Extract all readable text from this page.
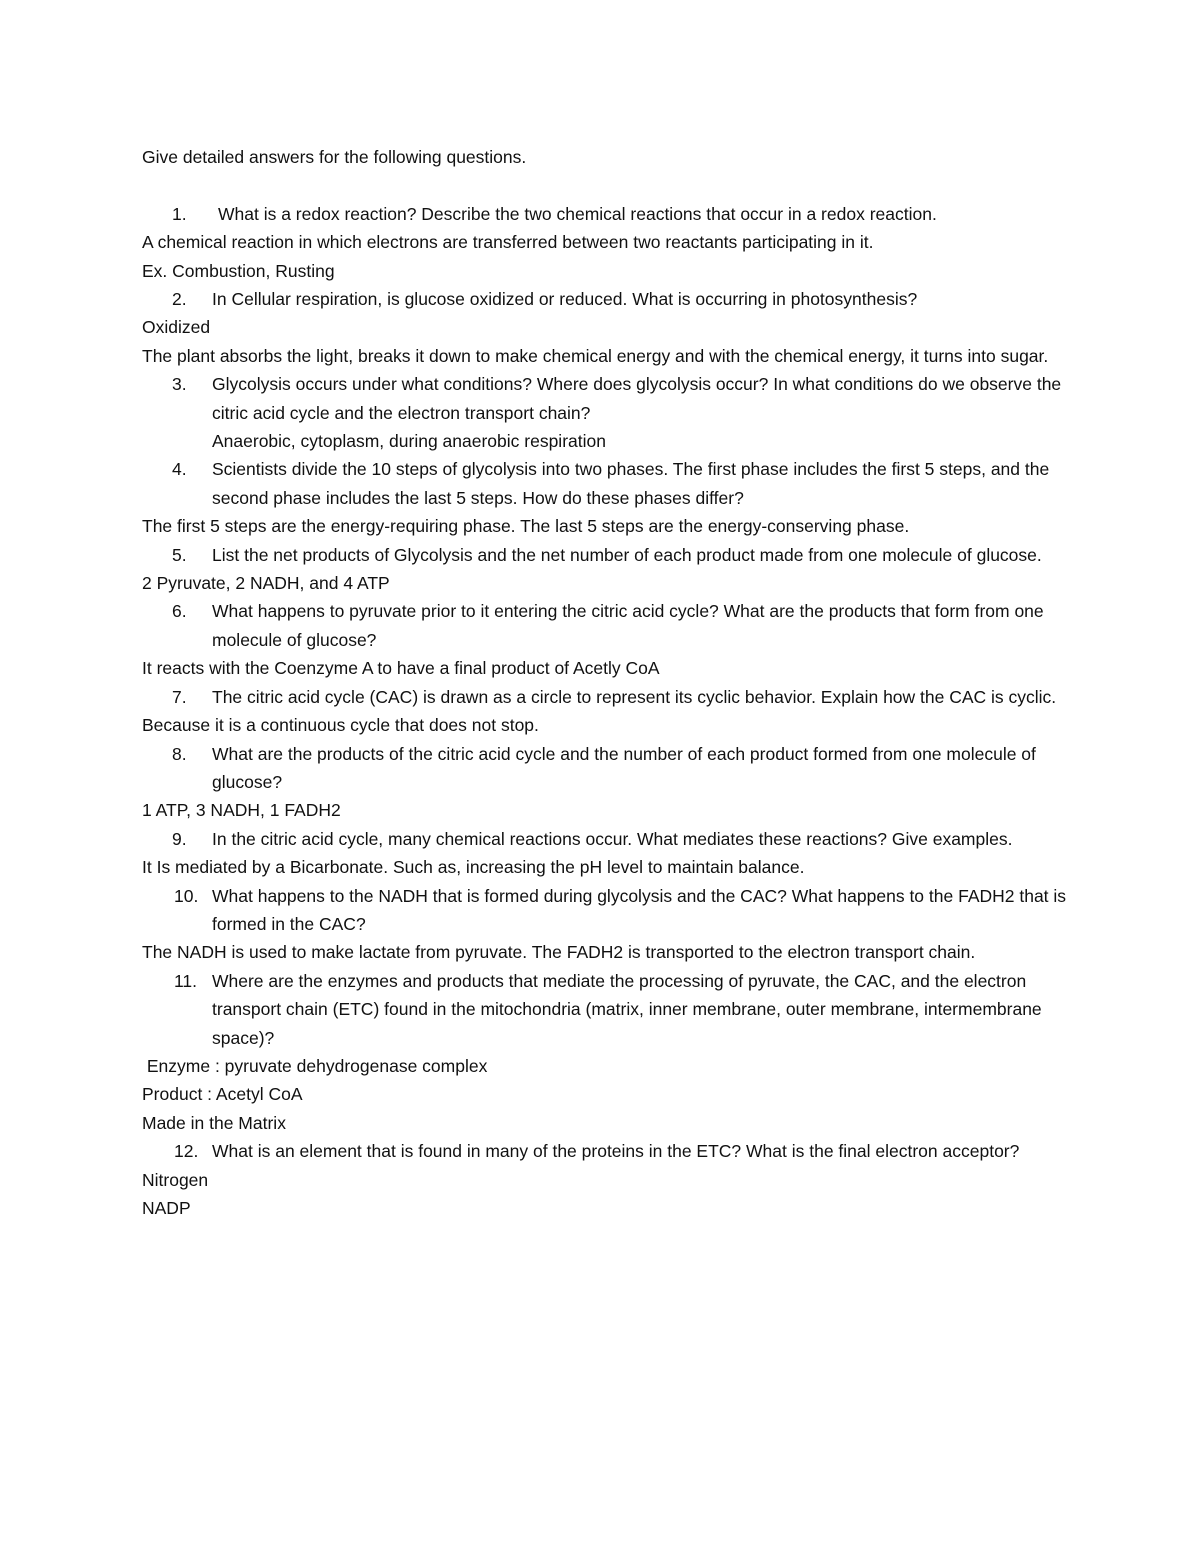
Give detailed answers for the following questions.

1. What is a redox reaction? Describe the two chemical reactions that occur in a redox reaction.

A chemical reaction in which electrons are transferred between two reactants participating in it.

Ex. Combustion, Rusting

2. In Cellular respiration, is glucose oxidized or reduced. What is occurring in photosynthesis?

Oxidized

The plant absorbs the light, breaks it down to make chemical energy and with the chemical energy, it turns into sugar.

3. Glycolysis occurs under what conditions? Where does glycolysis occur? In what conditions do we observe the citric acid cycle and the electron transport chain?

Anaerobic, cytoplasm, during anaerobic respiration

4. Scientists divide the 10 steps of glycolysis into two phases. The first phase includes the first 5 steps, and the second phase includes the last 5 steps. How do these phases differ?

The first 5 steps are the energy-requiring phase. The last 5 steps are the energy-conserving phase.

5. List the net products of Glycolysis and the net number of each product made from one molecule of glucose.

2 Pyruvate, 2 NADH, and 4 ATP

6. What happens to pyruvate prior to it entering the citric acid cycle? What are the products that form from one molecule of glucose?

It reacts with the Coenzyme A to have a final product of Acetly CoA

7. The citric acid cycle (CAC) is drawn as a circle to represent its cyclic behavior. Explain how the CAC is cyclic.

Because it is a continuous cycle that does not stop.

8. What are the products of the citric acid cycle and the number of each product formed from one molecule of glucose?

1 ATP, 3 NADH, 1 FADH2

9. In the citric acid cycle, many chemical reactions occur. What mediates these reactions? Give examples.

It Is mediated by a Bicarbonate. Such as, increasing the pH level to maintain balance.

10. What happens to the NADH that is formed during glycolysis and the CAC? What happens to the FADH2 that is formed in the CAC?

The NADH is used to make lactate from pyruvate. The FADH2 is transported to the electron transport chain.

11. Where are the enzymes and products that mediate the processing of pyruvate, the CAC, and the electron transport chain (ETC) found in the mitochondria (matrix, inner membrane, outer membrane, intermembrane space)?

Enzyme : pyruvate dehydrogenase complex

Product : Acetyl CoA

Made in the Matrix

12. What is an element that is found in many of the proteins in the ETC? What is the final electron acceptor?

Nitrogen

NADP
